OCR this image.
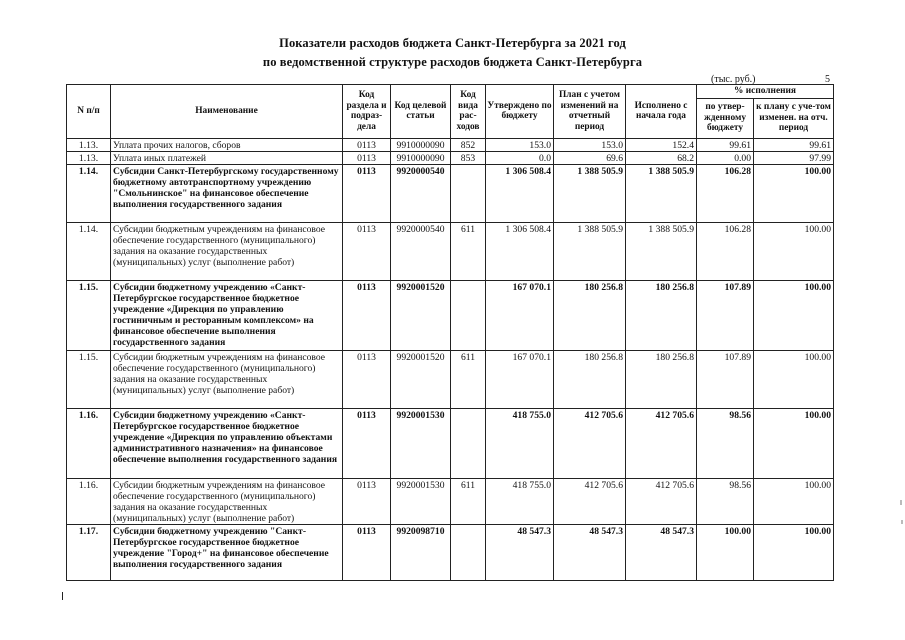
Показатели расходов бюджета Санкт-Петербурга за 2021 год
по ведомственной структуре расходов бюджета Санкт-Петербурга
(тыс. руб.)	5
N п/п	Наименование	Код раздела и подраз-дела	Код целевой статьи	Код вида рас-ходов	Утверждено по бюджету	План с учетом изменений на отчетный период	Исполнено с начала года	% исполнения	
								по утвер-жденному бюджету	к плану с уче-том изменен. на отч. период
1.13.	Уплата прочих налогов, сборов	0113	9910000090	852	153.0	153.0	152.4	99.61	99.61
1.13.	Уплата иных платежей	0113	9910000090	853	0.0	69.6	68.2	0.00	97.99
1.14.	Субсидии Санкт-Петербургскому государственному бюджетному автотранспортному учреждению "Смольнинское" на финансовое обеспечение выполнения государственного задания	0113	9920000540		1 306 508.4	1 388 505.9	1 388 505.9	106.28	100.00
1.14.	Субсидии бюджетным учреждениям на финансовое обеспечение государственного (муниципального) задания на оказание государственных (муниципальных) услуг (выполнение работ)	0113	9920000540	611	1 306 508.4	1 388 505.9	1 388 505.9	106.28	100.00
1.15.	Субсидии бюджетному учреждению «Санкт-Петербургское государственное бюджетное учреждение «Дирекция по управлению гостиничным и ресторанным комплексом» на финансовое обеспечение выполнения государственного задания	0113	9920001520		167 070.1	180 256.8	180 256.8	107.89	100.00
1.15.	Субсидии бюджетным учреждениям на финансовое обеспечение государственного (муниципального) задания на оказание государственных (муниципальных) услуг (выполнение работ)	0113	9920001520	611	167 070.1	180 256.8	180 256.8	107.89	100.00
1.16.	Субсидии бюджетному учреждению «Санкт-Петербургское государственное бюджетное учреждение «Дирекция по управлению объектами административного назначения» на финансовое обеспечение выполнения государственного задания	0113	9920001530		418 755.0	412 705.6	412 705.6	98.56	100.00
1.16.	Субсидии бюджетным учреждениям на финансовое обеспечение государственного (муниципального) задания на оказание государственных (муниципальных) услуг (выполнение работ)	0113	9920001530	611	418 755.0	412 705.6	412 705.6	98.56	100.00
1.17.	Субсидии бюджетному учреждению "Санкт-Петербургское государственное бюджетное учреждение "Город+" на финансовое обеспечение выполнения государственного задания	0113	9920098710		48 547.3	48 547.3	48 547.3	100.00	100.00
